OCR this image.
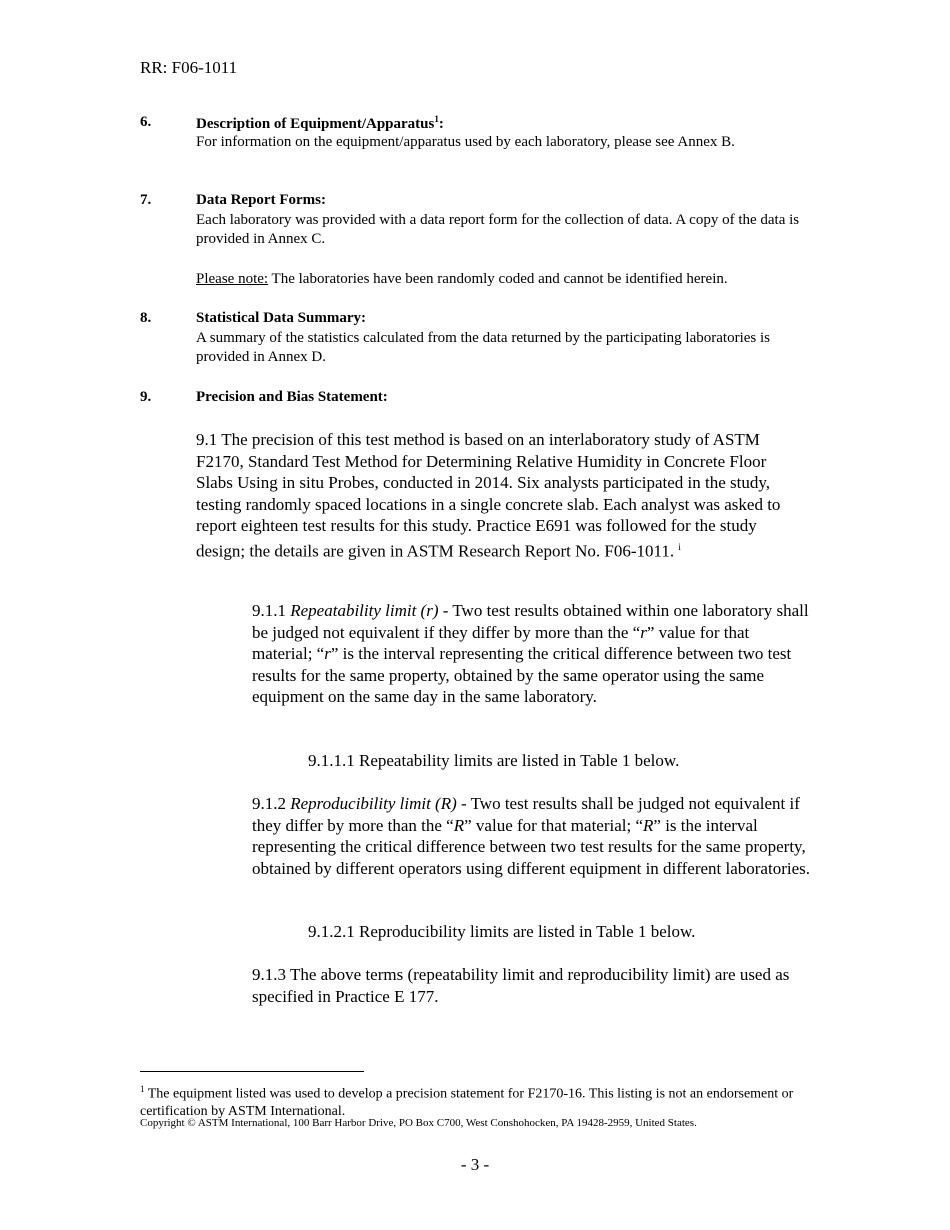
RR: F06-1011
6.	Description of Equipment/Apparatus$^1$:
For information on the equipment/apparatus used by each laboratory, please see Annex B.
7.	Data Report Forms:
Each laboratory was provided with a data report form for the collection of data. A copy of the data is provided in Annex C.
Please note: The laboratories have been randomly coded and cannot be identified herein.
8.	Statistical Data Summary:
A summary of the statistics calculated from the data returned by the participating laboratories is provided in Annex D.
9.	Precision and Bias Statement:
9.1 The precision of this test method is based on an interlaboratory study of ASTM F2170, Standard Test Method for Determining Relative Humidity in Concrete Floor Slabs Using in situ Probes, conducted in 2014. Six analysts participated in the study, testing randomly spaced locations in a single concrete slab. Each analyst was asked to report eighteen test results for this study. Practice E691 was followed for the study design; the details are given in ASTM Research Report No. F06-1011. $^i$
9.1.1 Repeatability limit (r) - Two test results obtained within one laboratory shall be judged not equivalent if they differ by more than the “r” value for that material; “r” is the interval representing the critical difference between two test results for the same property, obtained by the same operator using the same equipment on the same day in the same laboratory.
9.1.1.1 Repeatability limits are listed in Table 1 below.
9.1.2 Reproducibility limit (R) - Two test results shall be judged not equivalent if they differ by more than the “R” value for that material; “R” is the interval representing the critical difference between two test results for the same property, obtained by different operators using different equipment in different laboratories.
9.1.2.1 Reproducibility limits are listed in Table 1 below.
9.1.3 The above terms (repeatability limit and reproducibility limit) are used as specified in Practice E 177.
$^1$ The equipment listed was used to develop a precision statement for F2170-16. This listing is not an endorsement or certification by ASTM International.
Copyright © ASTM International, 100 Barr Harbor Drive, PO Box C700, West Conshohocken, PA 19428-2959, United States.
- 3 -
